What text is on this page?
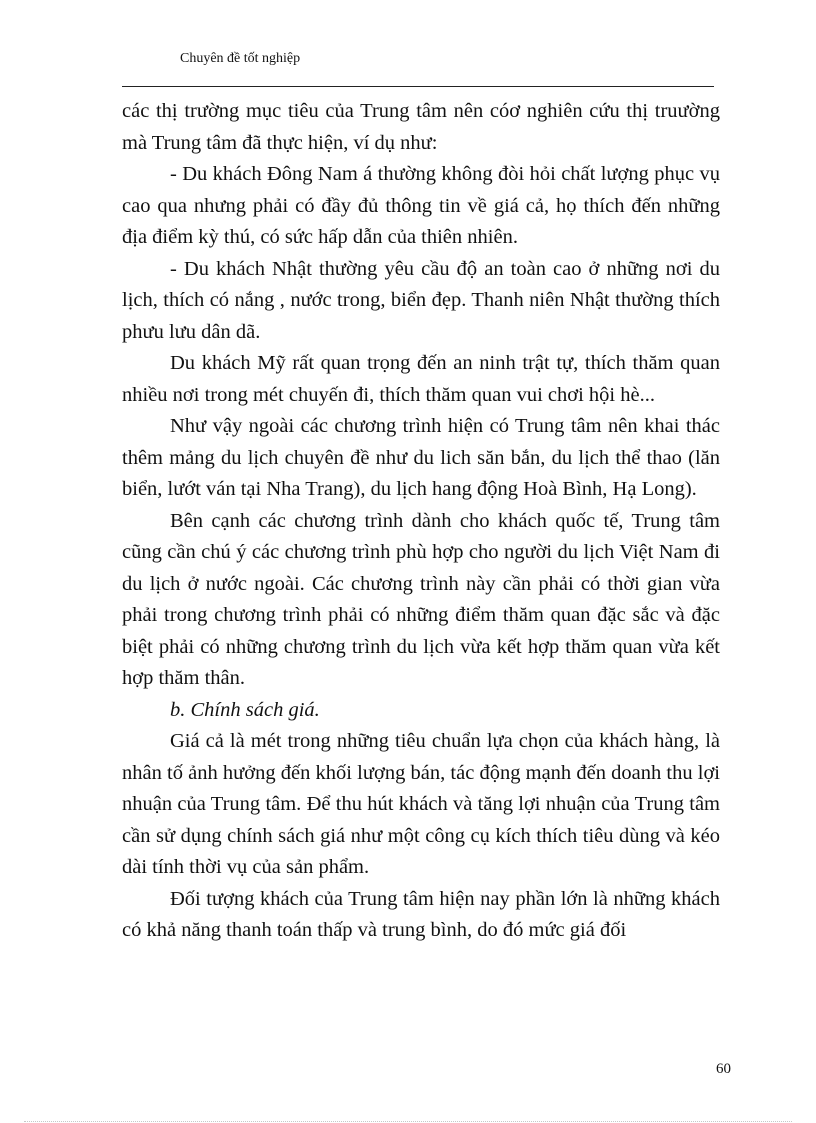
Chuyên đề tốt nghiệp

các thị trường mục tiêu của Trung tâm nên cóơ nghiên cứu thị truường mà Trung tâm đã thực hiện, ví dụ như:

- Du khách Đông Nam á thường không đòi hỏi chất lượng phục vụ cao qua nhưng phải có đầy đủ thông tin về giá cả, họ thích đến những địa điểm kỳ thú, có sức hấp dẫn của thiên nhiên.

- Du khách Nhật thường yêu cầu độ an toàn cao ở những nơi du lịch, thích có nắng , nước trong, biển đẹp. Thanh niên Nhật thường thích phưu lưu dân dã.

Du khách Mỹ rất quan trọng đến an ninh trật tự, thích thăm quan nhiều nơi trong mét chuyến đi, thích thăm quan vui chơi hội hè...

Như vậy ngoài các chương trình hiện có Trung tâm nên khai thác thêm mảng du lịch chuyên đề như du lich săn bắn, du lịch thể thao (lăn biển, lướt ván tại Nha Trang), du lịch hang động Hoà Bình, Hạ Long).

Bên cạnh các chương trình dành cho khách quốc tế, Trung tâm cũng cần chú ý các chương trình phù hợp cho người du lịch Việt Nam đi du lịch ở nước ngoài. Các chương trình này cần phải có thời gian vừa phải trong chương trình phải có những điểm thăm quan đặc sắc và đặc biệt phải có những chương trình du lịch vừa kết hợp thăm quan vừa kết hợp thăm thân.

b. Chính sách giá.

Giá cả là mét trong những tiêu chuẩn lựa chọn của khách hàng, là nhân tố ảnh hưởng đến khối lượng bán, tác động mạnh đến doanh thu lợi nhuận của Trung tâm. Để thu hút khách và tăng lợi nhuận của Trung tâm cần sử dụng chính sách giá như một công cụ kích thích tiêu dùng và kéo dài tính thời vụ của sản phẩm.

Đối tượng khách của Trung tâm hiện nay phần lớn là những khách có khả năng thanh toán thấp và trung bình, do đó mức giá đối

60
